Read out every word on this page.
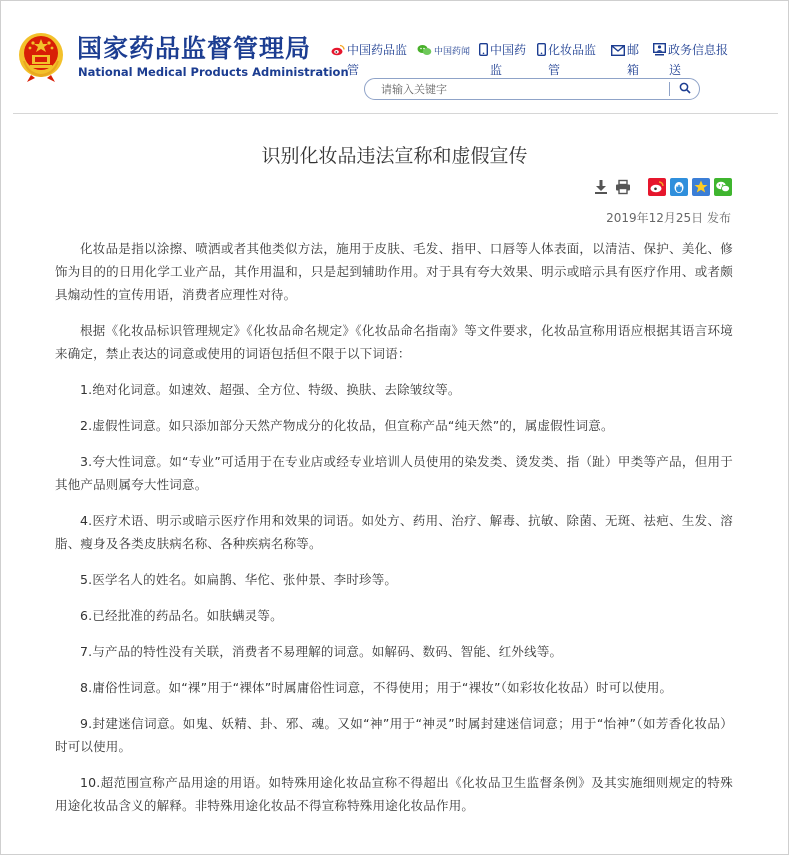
国家药品监督管理局
National Medical Products Administration
中国药品监
管
中国药闻	中国药
监
化妆品监
管
邮
箱
政务信息报
送
请输入关键字
识别化妆品违法宣称和虚假宣传
2019年12月25日 发布

化妆品是指以涂擦、喷洒或者其他类似方法，施用于皮肤、毛发、指甲、口唇等人体表面，以清洁、保护、美化、修饰为目的的日用化学工业产品，其作用温和，只是起到辅助作用。对于具有夸大效果、明示或暗示具有医疗作用、或者颇具煽动性的宣传用语，消费者应理性对待。

根据《化妆品标识管理规定》《化妆品命名规定》《化妆品命名指南》等文件要求，化妆品宣称用语应根据其语言环境来确定，禁止表达的词意或使用的词语包括但不限于以下词语：

1.绝对化词意。如速效、超强、全方位、特级、换肤、去除皱纹等。

2.虚假性词意。如只添加部分天然产物成分的化妆品，但宣称产品“纯天然”的，属虚假性词意。

3.夸大性词意。如“专业”可适用于在专业店或经专业培训人员使用的染发类、烫发类、指（趾）甲类等产品，但用于其他产品则属夸大性词意。

4.医疗术语、明示或暗示医疗作用和效果的词语。如处方、药用、治疗、解毒、抗敏、除菌、无斑、祛疤、生发、溶脂、瘦身及各类皮肤病名称、各种疾病名称等。

5.医学名人的姓名。如扁鹊、华佗、张仲景、李时珍等。

6.已经批准的药品名。如肤螨灵等。

7.与产品的特性没有关联，消费者不易理解的词意。如解码、数码、智能、红外线等。

8.庸俗性词意。如“裸”用于“裸体”时属庸俗性词意，不得使用；用于“裸妆”（如彩妆化妆品）时可以使用。

9.封建迷信词意。如鬼、妖精、卦、邪、魂。又如“神”用于“神灵”时属封建迷信词意；用于“怡神”（如芳香化妆品）时可以使用。

10.超范围宣称产品用途的用语。如特殊用途化妆品宣称不得超出《化妆品卫生监督条例》及其实施细则规定的特殊用途化妆品含义的解释。非特殊用途化妆品不得宣称特殊用途化妆品作用。
